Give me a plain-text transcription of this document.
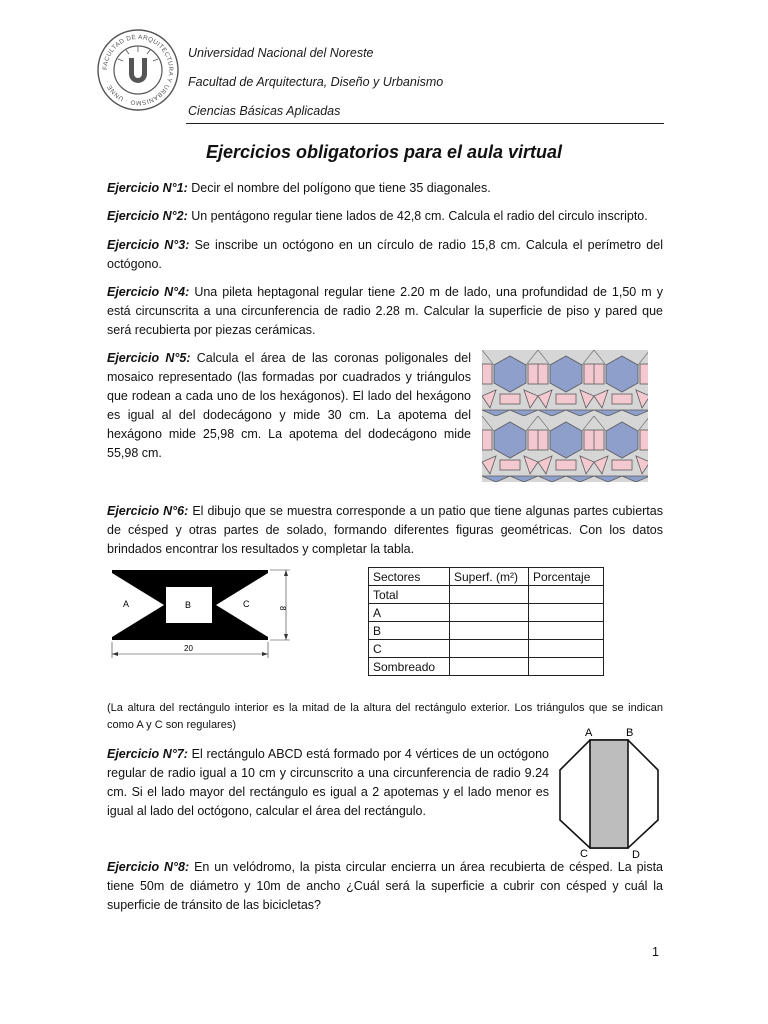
FACULTAD DE ARQUITECTURA Y URBANISMO · UNNE ·
Universidad Nacional del Noreste
Facultad de Arquitectura, Diseño y Urbanismo
Ciencias Básicas Aplicadas
Ejercicios obligatorios para el aula virtual
Ejercicio N°1: Decir el nombre del polígono que tiene 35 diagonales.
Ejercicio N°2: Un pentágono regular tiene lados de 42,8 cm. Calcula el radio del circulo inscripto.
Ejercicio N°3: Se inscribe un octógono en un círculo de radio 15,8 cm. Calcula el perímetro del octógono.
Ejercicio N°4: Una pileta heptagonal regular tiene 2.20 m de lado, una profundidad de 1,50 m y está circunscrita a una circunferencia de radio 2.28 m. Calcular la superficie de piso y pared que será recubierta por piezas cerámicas.
Ejercicio N°5: Calcula el área de las coronas poligonales del mosaico representado (las formadas por cuadrados y triángulos que rodean a cada uno de los hexágonos). El lado del hexágono es igual al del dodecágono y mide 30 cm. La apotema del hexágono mide 25,98 cm. La apotema del dodecágono mide 55,98 cm.
Ejercicio N°6: El dibujo que se muestra corresponde a un patio que tiene algunas partes cubiertas de césped y otras partes de solado, formando diferentes figuras geométricas. Con los datos brindados encontrar los resultados y completar la tabla.
A	B	C	8
20
Sectores	Superf. (m²)	Porcentaje
Total		
A		
B		
C		
Sombreado		
(La altura del rectángulo interior es la mitad de la altura del rectángulo exterior. Los triángulos que se indican como A y C son regulares)
Ejercicio N°7: El rectángulo ABCD está formado por 4 vértices de un octógono regular de radio igual a 10 cm y circunscrito a una circunferencia de radio 9.24 cm. Si el lado mayor del rectángulo es igual a 2 apotemas y el lado menor es igual al lado del octógono, calcular el área del rectángulo.
A	B
C	D
Ejercicio N°8: En un velódromo, la pista circular encierra un área recubierta de césped. La pista tiene 50m de diámetro y 10m de ancho ¿Cuál será la superficie a cubrir con césped y cuál la superficie de tránsito de las bicicletas?
1
